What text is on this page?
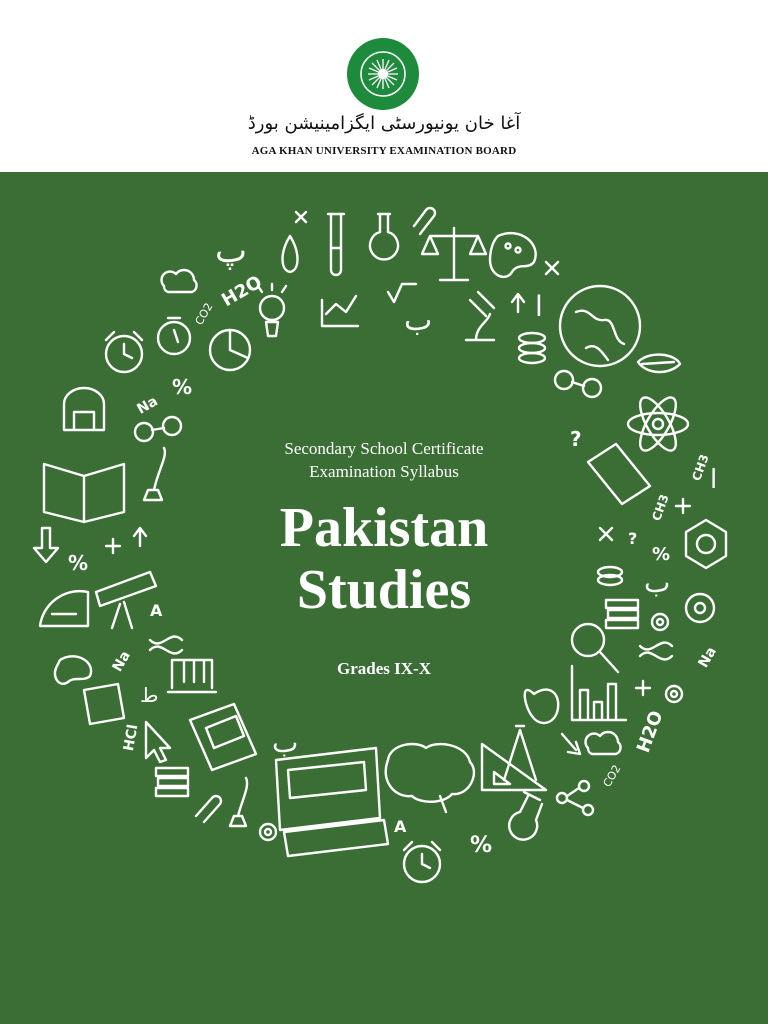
آغا خان یونیورسٹی ایگزامینیشن بورڈ
AGA KHAN UNIVERSITY EXAMINATION BOARD
پ
H2O
CO2	ب	ا
Na
%
%
A
Na
ط
HCl	ب
A
%
CO2
H2O
?
CH3
CH3
ا
?
%
ب
Na
Secondary School Certificate
Examination Syllabus
Pakistan
Studies
Grades IX-X
